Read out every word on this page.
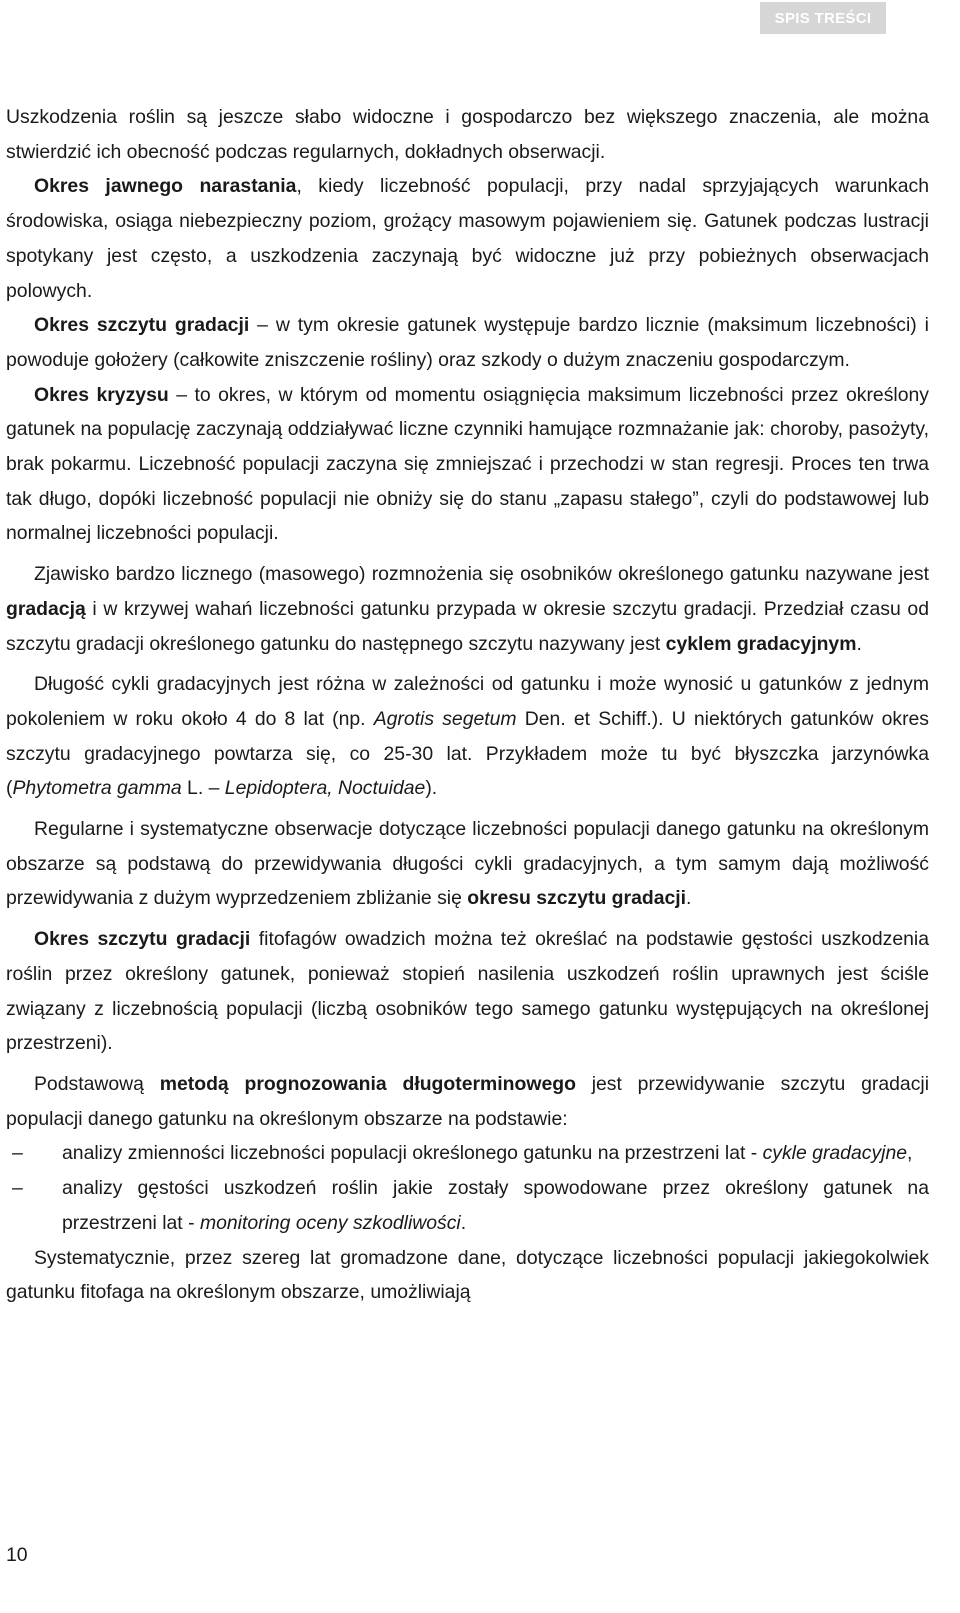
SPIS TREŚCI

Uszkodzenia roślin są jeszcze słabo widoczne i gospodarczo bez większego znaczenia, ale można stwierdzić ich obecność podczas regularnych, dokładnych obserwacji.

Okres jawnego narastania, kiedy liczebność populacji, przy nadal sprzyjających warunkach środowiska, osiąga niebezpieczny poziom, grożący masowym pojawieniem się. Gatunek podczas lustracji spotykany jest często, a uszkodzenia zaczynają być widoczne już przy pobieżnych obserwacjach polowych.

Okres szczytu gradacji – w tym okresie gatunek występuje bardzo licznie (maksimum liczebności) i powoduje gołożery (całkowite zniszczenie rośliny) oraz szkody o dużym znaczeniu gospodarczym.

Okres kryzysu – to okres, w którym od momentu osiągnięcia maksimum liczebności przez określony gatunek na populację zaczynają oddziaływać liczne czynniki hamujące rozmnażanie jak: choroby, pasożyty, brak pokarmu. Liczebność populacji zaczyna się zmniejszać i przechodzi w stan regresji. Proces ten trwa tak długo, dopóki liczebność populacji nie obniży się do stanu „zapasu stałego”, czyli do podstawowej lub normalnej liczebności populacji.

Zjawisko bardzo licznego (masowego) rozmnożenia się osobników określonego gatunku nazywane jest gradacją i w krzywej wahań liczebności gatunku przypada w okresie szczytu gradacji. Przedział czasu od szczytu gradacji określonego gatunku do następnego szczytu nazywany jest cyklem gradacyjnym.

Długość cykli gradacyjnych jest różna w zależności od gatunku i może wynosić u gatunków z jednym pokoleniem w roku około 4 do 8 lat (np. Agrotis segetum Den. et Schiff.). U niektórych gatunków okres szczytu gradacyjnego powtarza się, co 25-30 lat. Przykładem może tu być błyszczka jarzynówka (Phytometra gamma L. – Lepidoptera, Noctuidae).

Regularne i systematyczne obserwacje dotyczące liczebności populacji danego gatunku na określonym obszarze są podstawą do przewidywania długości cykli gradacyjnych, a tym samym dają możliwość przewidywania z dużym wyprzedzeniem zbliżanie się okresu szczytu gradacji.

Okres szczytu gradacji fitofagów owadzich można też określać na podstawie gęstości uszkodzenia roślin przez określony gatunek, ponieważ stopień nasilenia uszkodzeń roślin uprawnych jest ściśle związany z liczebnością populacji (liczbą osobników tego samego gatunku występujących na określonej przestrzeni).

Podstawową metodą prognozowania długoterminowego jest przewidywanie szczytu gradacji populacji danego gatunku na określonym obszarze na podstawie:

– analizy zmienności liczebności populacji określonego gatunku na przestrzeni lat - cykle gradacyjne,
– analizy gęstości uszkodzeń roślin jakie zostały spowodowane przez określony gatunek na przestrzeni lat - monitoring oceny szkodliwości.

Systematycznie, przez szereg lat gromadzone dane, dotyczące liczebności populacji jakiegokolwiek gatunku fitofaga na określonym obszarze, umożliwiają

10
